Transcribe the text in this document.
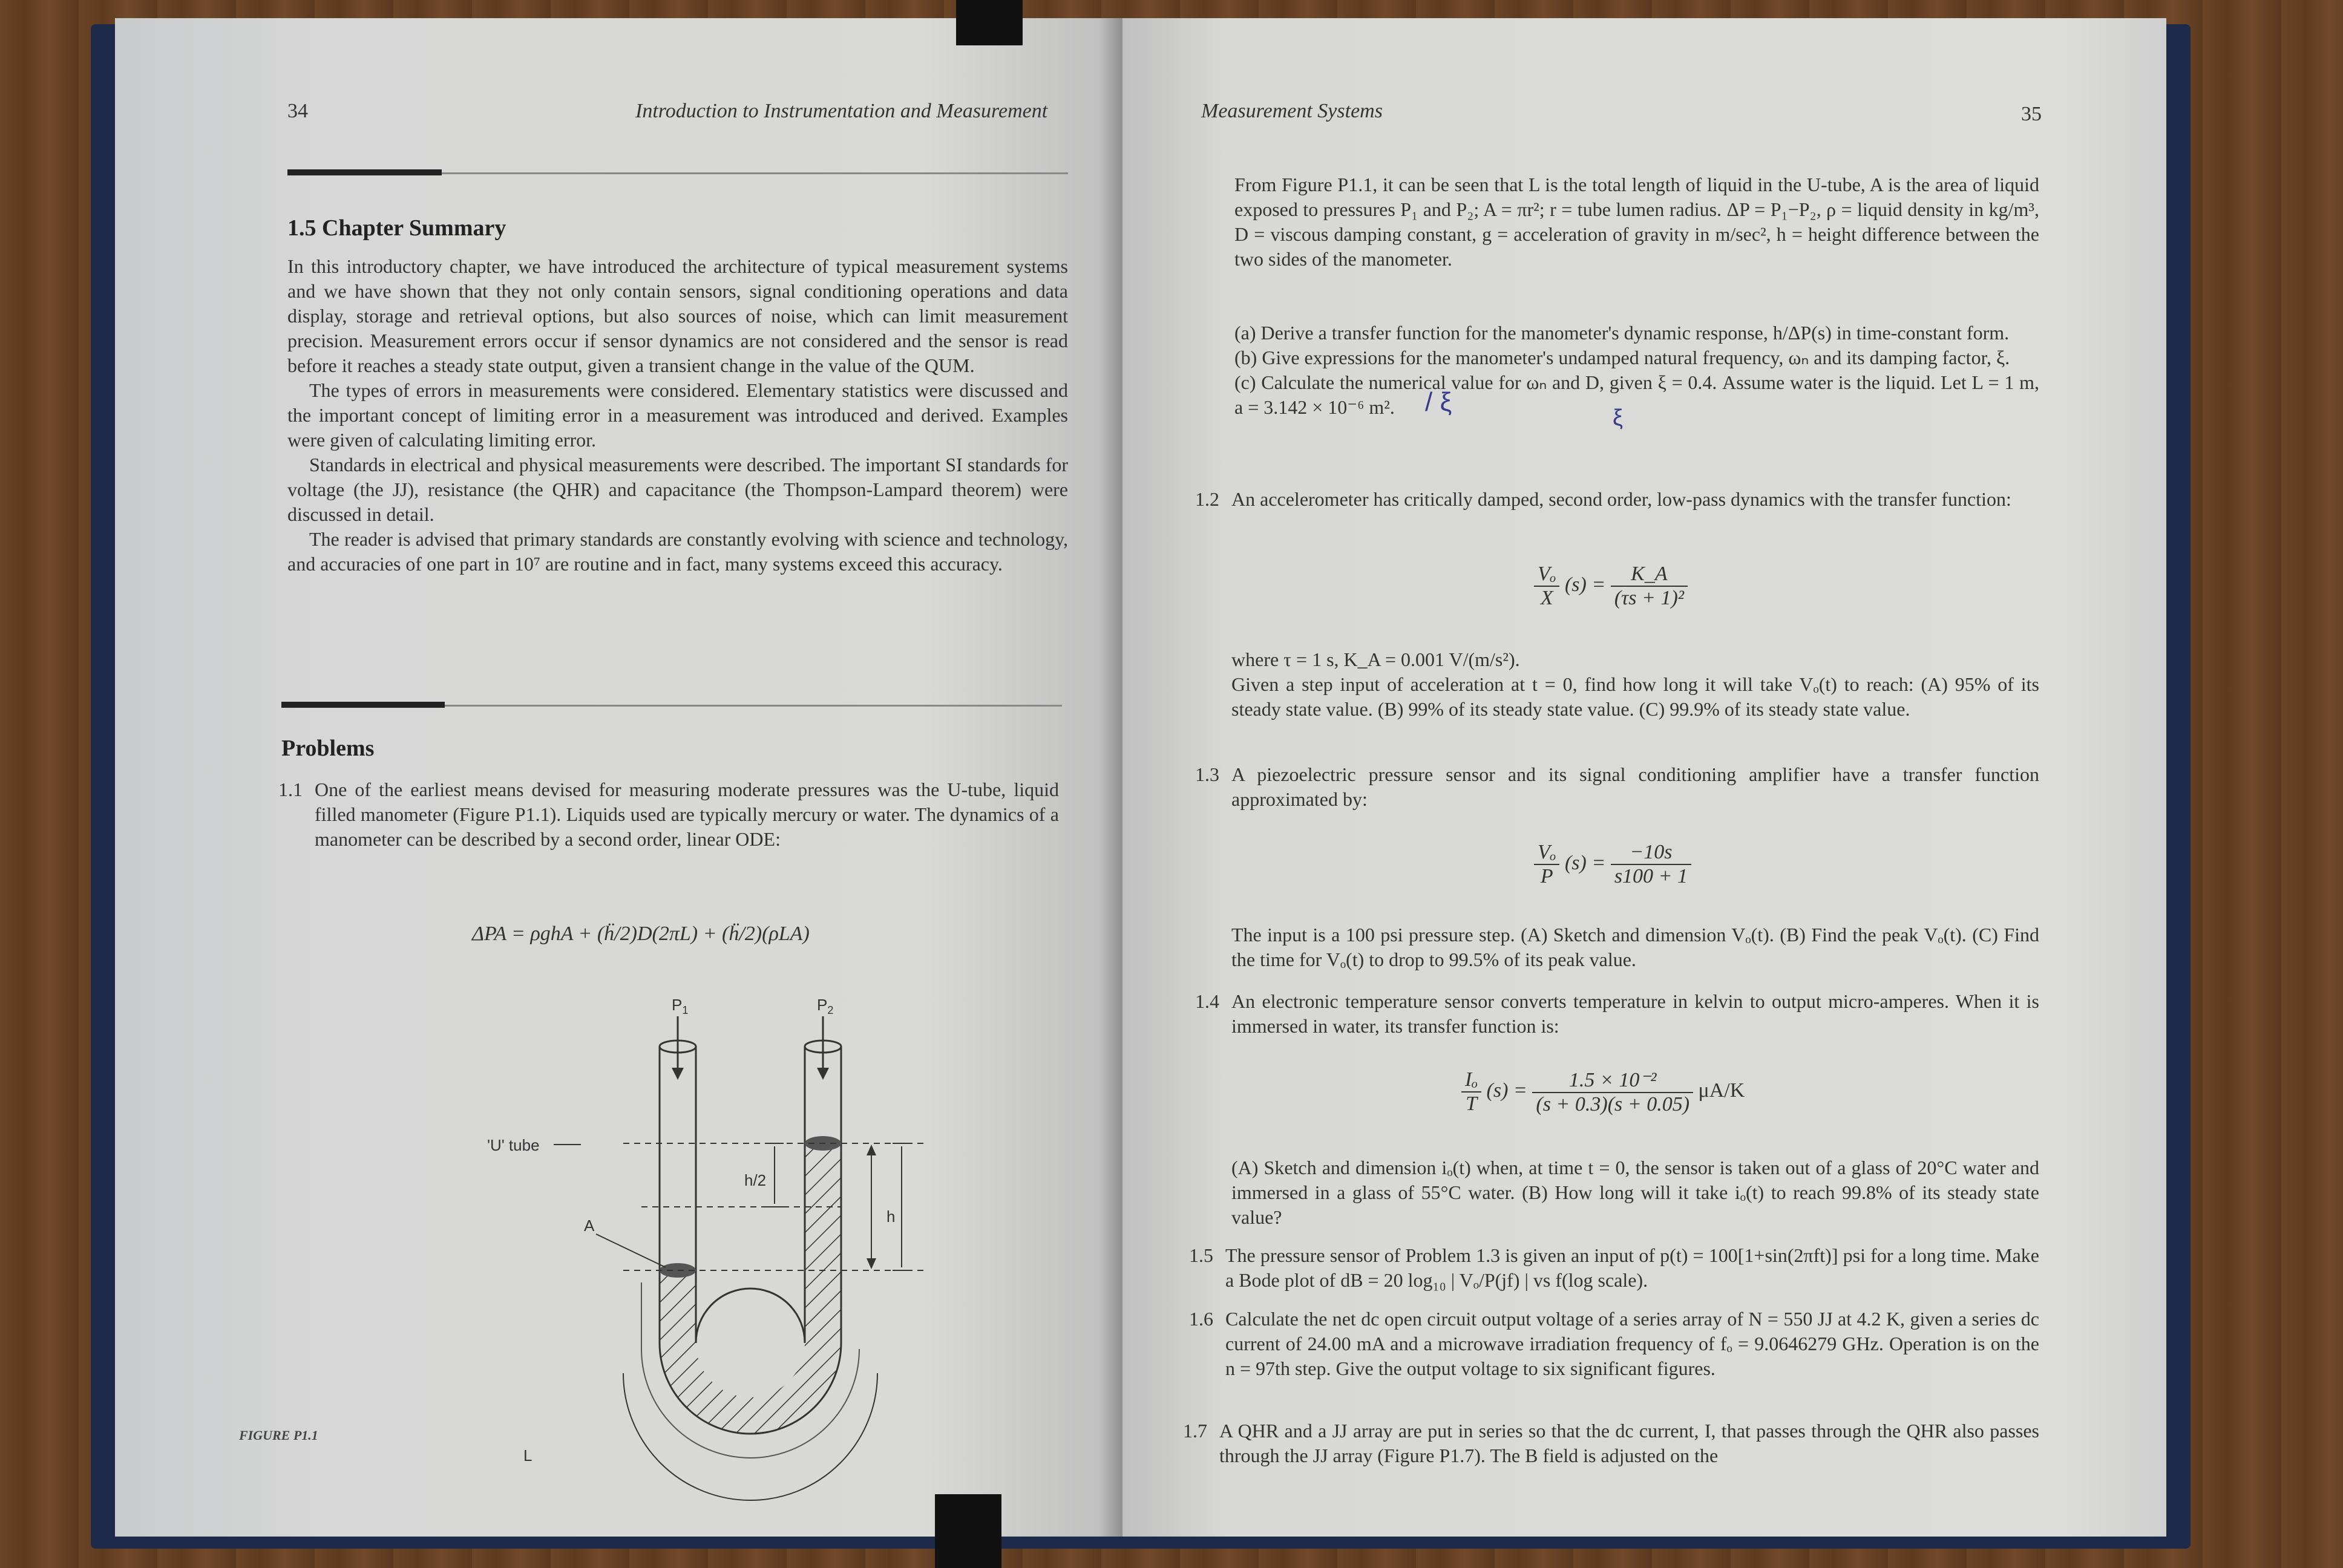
34	Introduction to Instrumentation and Measurement
1.5 Chapter Summary

In this introductory chapter, we have introduced the architecture of typical measurement systems and we have shown that they not only contain sensors, signal conditioning operations and data display, storage and retrieval options, but also sources of noise, which can limit measurement precision. Measurement errors occur if sensor dynamics are not considered and the sensor is read before it reaches a steady state output, given a transient change in the value of the QUM.

The types of errors in measurements were considered. Elementary statistics were discussed and the important concept of limiting error in a measurement was introduced and derived. Examples were given of calculating limiting error.

Standards in electrical and physical measurements were described. The important SI standards for voltage (the JJ), resistance (the QHR) and capacitance (the Thompson-Lampard theorem) were discussed in detail.

The reader is advised that primary standards are constantly evolving with science and technology, and accuracies of one part in 10⁷ are routine and in fact, many systems exceed this accuracy.

Problems
1.1 One of the earliest means devised for measuring moderate pressures was the U-tube, liquid filled manometer (Figure P1.1). Liquids used are typically mercury or water. The dynamics of a manometer can be described by a second order, linear ODE:
ΔPA = ρghA + (ḧ/2)D(2πL) + (ḧ/2)(ρLA)
$P_1$	$P_2$
'U' tube
h/2
h
A
L
FIGURE P1.1
Measurement Systems	35
From Figure P1.1, it can be seen that L is the total length of liquid in the U-tube, A is the area of liquid exposed to pressures P₁ and P₂; A = πr²; r = tube lumen radius. ΔP = P₁−P₂, ρ = liquid density in kg/m³, D = viscous damping constant, g = acceleration of gravity in m/sec², h = height difference between the two sides of the manometer.
(a) Derive a transfer function for the manometer's dynamic response, h/ΔP(s) in time-constant form.
(b) Give expressions for the manometer's undamped natural frequency, ωₙ and its damping factor, ξ.
(c) Calculate the numerical value for ωₙ and D, given ξ = 0.4. Assume water is the liquid. Let L = 1 m, a = 3.142 × 10⁻⁶ m².	/ ξ
ξ
1.2 An accelerometer has critically damped, second order, low-pass dynamics with the transfer function:
$\frac{\text{Vₒ}}{X} (s) = \frac{K\_A}{\text{(τs + 1)²}}$
where τ = 1 s, K_A = 0.001 V/(m/s²).
Given a step input of acceleration at t = 0, find how long it will take Vₒ(t) to reach: (A) 95% of its steady state value. (B) 99% of its steady state value. (C) 99.9% of its steady state value.
1.3 A piezoelectric pressure sensor and its signal conditioning amplifier have a transfer function approximated by:
$\frac{\text{Vₒ}}{P} (s) = \frac{-10s}{s100 + 1}$
The input is a 100 psi pressure step. (A) Sketch and dimension Vₒ(t). (B) Find the peak Vₒ(t). (C) Find the time for Vₒ(t) to drop to 99.5% of its peak value.
1.4 An electronic temperature sensor converts temperature in kelvin to output micro-amperes. When it is immersed in water, its transfer function is:
$\frac{\text{Iₒ}}{T} (s) = \frac{\text{1.5 × 10⁻²}}{(s + 0.3)(s + 0.05)} \mu A/K$
(A) Sketch and dimension iₒ(t) when, at time t = 0, the sensor is taken out of a glass of 20°C water and immersed in a glass of 55°C water. (B) How long will it take iₒ(t) to reach 99.8% of its steady state value?
1.5 The pressure sensor of Problem 1.3 is given an input of p(t) = 100[1+sin(2πft)] psi for a long time. Make a Bode plot of dB = 20 log₁₀ | Vₒ/P(jf) | vs f(log scale).
1.6 Calculate the net dc open circuit output voltage of a series array of N = 550 JJ at 4.2 K, given a series dc current of 24.00 mA and a microwave irradiation frequency of fₒ = 9.0646279 GHz. Operation is on the n = 97th step. Give the output voltage to six significant figures.
1.7 A QHR and a JJ array are put in series so that the dc current, I, that passes through the QHR also passes through the JJ array (Figure P1.7). The B field is adjusted on the
